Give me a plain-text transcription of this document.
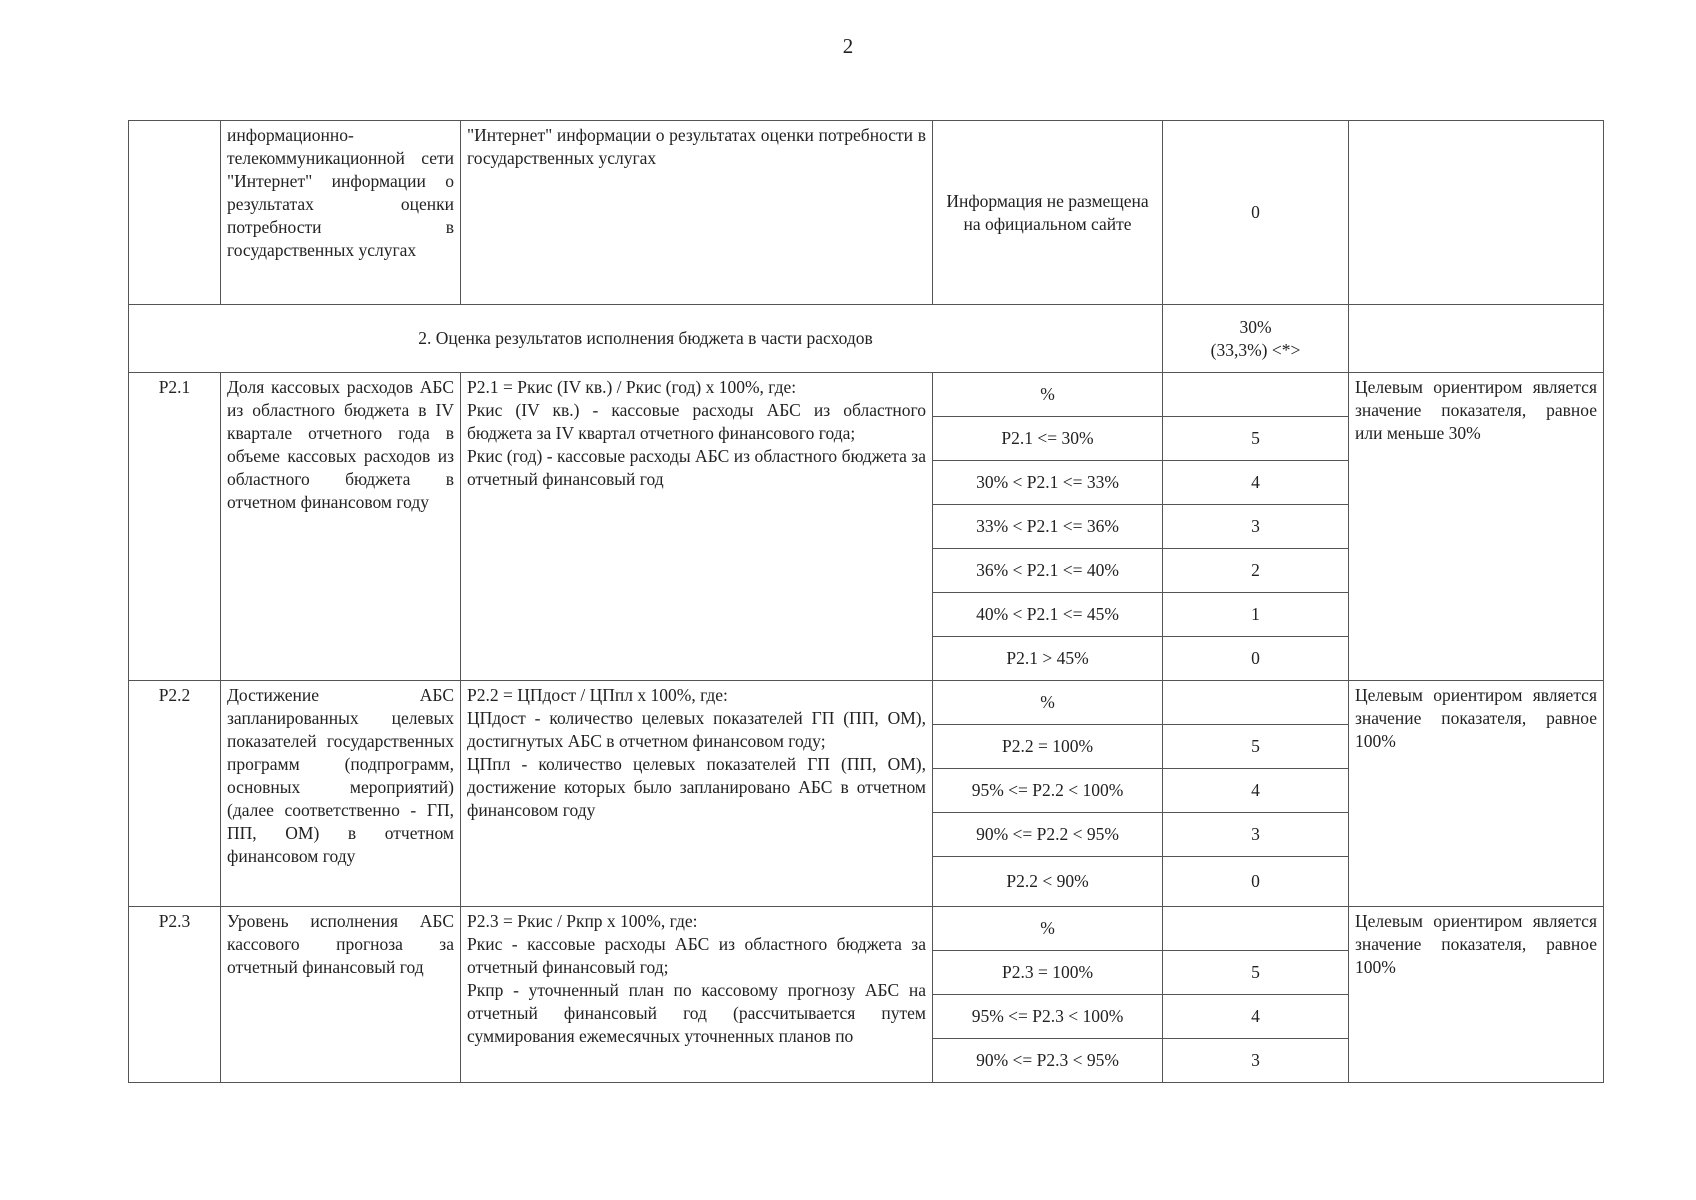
2
	информационно-телекоммуникационной сети "Интернет" информации о результатах оценки потребности в государственных услугах	"Интернет" информации о результатах оценки потребности в государственных услугах	Информация не размещена на официальном сайте	0	
2. Оценка результатов исполнения бюджета в части расходов				30%
(33,3%) <*>	

P2.1	Доля кассовых расходов АБС из областного бюджета в IV квартале отчетного года в объеме кассовых расходов из областного бюджета в отчетном финансовом году	P2.1 = Ркис (IV кв.) / Ркис (год) x 100%, где:
Ркис (IV кв.) - кассовые расходы АБС из областного бюджета за IV квартал отчетного финансового года;
Ркис (год) - кассовые расходы АБС из областного бюджета за отчетный финансовый год	%		Целевым ориентиром является значение показателя, равное или меньше 30%
			P2.1 <= 30%	5	
			30% < P2.1 <= 33%	4	
			33% < P2.1 <= 36%	3	
			36% < P2.1 <= 40%	2	
			40% < P2.1 <= 45%	1	
			P2.1 > 45%	0	
P2.2	Достижение АБС запланированных целевых показателей государственных программ (подпрограмм, основных мероприятий) (далее соответственно - ГП, ПП, ОМ) в отчетном финансовом году	P2.2 = ЦПдост / ЦПпл x 100%, где:
ЦПдост - количество целевых показателей ГП (ПП, ОМ), достигнутых АБС в отчетном финансовом году;
ЦПпл - количество целевых показателей ГП (ПП, ОМ), достижение которых было запланировано АБС в отчетном финансовом году	%		Целевым ориентиром является значение показателя, равное 100%
			P2.2 = 100%	5	
			95% <= P2.2 < 100%	4	
			90% <= P2.2 < 95%	3	
			P2.2 < 90%	0	
P2.3	Уровень исполнения АБС кассового прогноза за отчетный финансовый год	P2.3 = Ркис / Ркпр x 100%, где:
Ркис - кассовые расходы АБС из областного бюджета за отчетный финансовый год;
Ркпр - уточненный план по кассовому прогнозу АБС на отчетный финансовый год (рассчитывается путем суммирования ежемесячных уточненных планов по	%		Целевым ориентиром является значение показателя, равное 100%
			P2.3 = 100%	5	
			95% <= P2.3 < 100%	4	
			90% <= P2.3 < 95%	3	
